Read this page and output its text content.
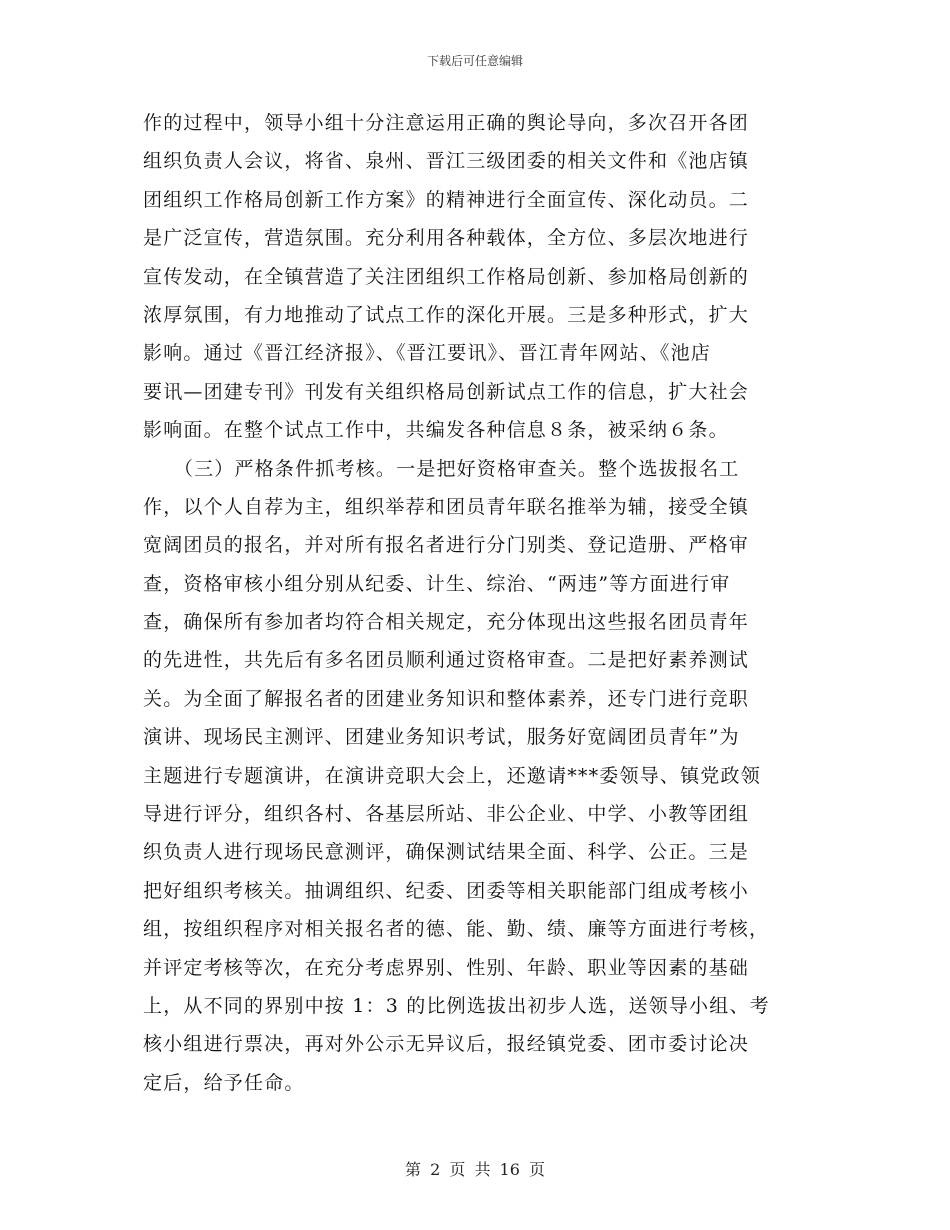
下载后可任意编辑
作的过程中，领导小组十分注意运用正确的舆论导向，多次召开各团
组织负责人会议，将省、泉州、晋江三级团委的相关文件和《池店镇
团组织工作格局创新工作方案》的精神进行全面宣传、深化动员。二
是广泛宣传，营造氛围。充分利用各种载体，全方位、多层次地进行
宣传发动，在全镇营造了关注团组织工作格局创新、参加格局创新的
浓厚氛围，有力地推动了试点工作的深化开展。三是多种形式，扩大
影响。通过《晋江经济报》、《晋江要讯》、晋江青年网站、《池店
要讯—团建专刊》刊发有关组织格局创新试点工作的信息，扩大社会
影响面。在整个试点工作中，共编发各种信息８条，被采纳６条。
　　（三）严格条件抓考核。一是把好资格审查关。整个选拔报名工
作，以个人自荐为主，组织举荐和团员青年联名推举为辅，接受全镇
宽阔团员的报名，并对所有报名者进行分门别类、登记造册、严格审
查，资格审核小组分别从纪委、计生、综治、“两违”等方面进行审
查，确保所有参加者均符合相关规定，充分体现出这些报名团员青年
的先进性，共先后有多名团员顺利通过资格审查。二是把好素养测试
关。为全面了解报名者的团建业务知识和整体素养，还专门进行竞职
演讲、现场民主测评、团建业务知识考试，服务好宽阔团员青年”为
主题进行专题演讲，在演讲竞职大会上，还邀请***委领导、镇党政领
导进行评分，组织各村、各基层所站、非公企业、中学、小教等团组
织负责人进行现场民意测评，确保测试结果全面、科学、公正。三是
把好组织考核关。抽调组织、纪委、团委等相关职能部门组成考核小
组，按组织程序对相关报名者的德、能、勤、绩、廉等方面进行考核，
并评定考核等次，在充分考虑界别、性别、年龄、职业等因素的基础
上，从不同的界别中按 1：3 的比例选拔出初步人选，送领导小组、考
核小组进行票决，再对外公示无异议后，报经镇党委、团市委讨论决
定后，给予任命。
第 2 页 共 16 页
